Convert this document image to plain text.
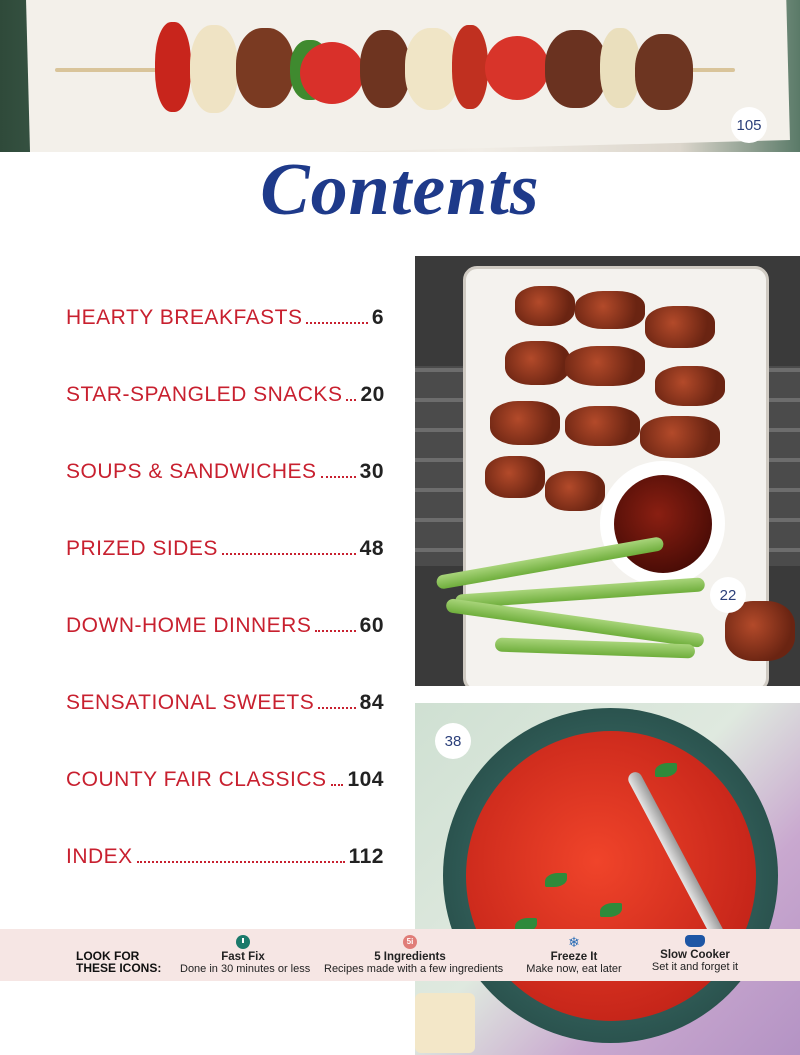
105
Contents
HEARTY BREAKFASTS	6
STAR-SPANGLED SNACKS 20
SOUPS & SANDWICHES 30
PRIZED SIDES	48
DOWN-HOME DINNERS 60
SENSATIONAL SWEETS 84
COUNTY FAIR CLASSICS 104
INDEX	112
22
38
LOOK FOR
THESE ICONS:
Fast Fix
Done in 30 minutes or less
5i
5 Ingredients
Recipes made with a few ingredients
❄
Freeze It
Make now, eat later
Slow Cooker
Set it and forget it
